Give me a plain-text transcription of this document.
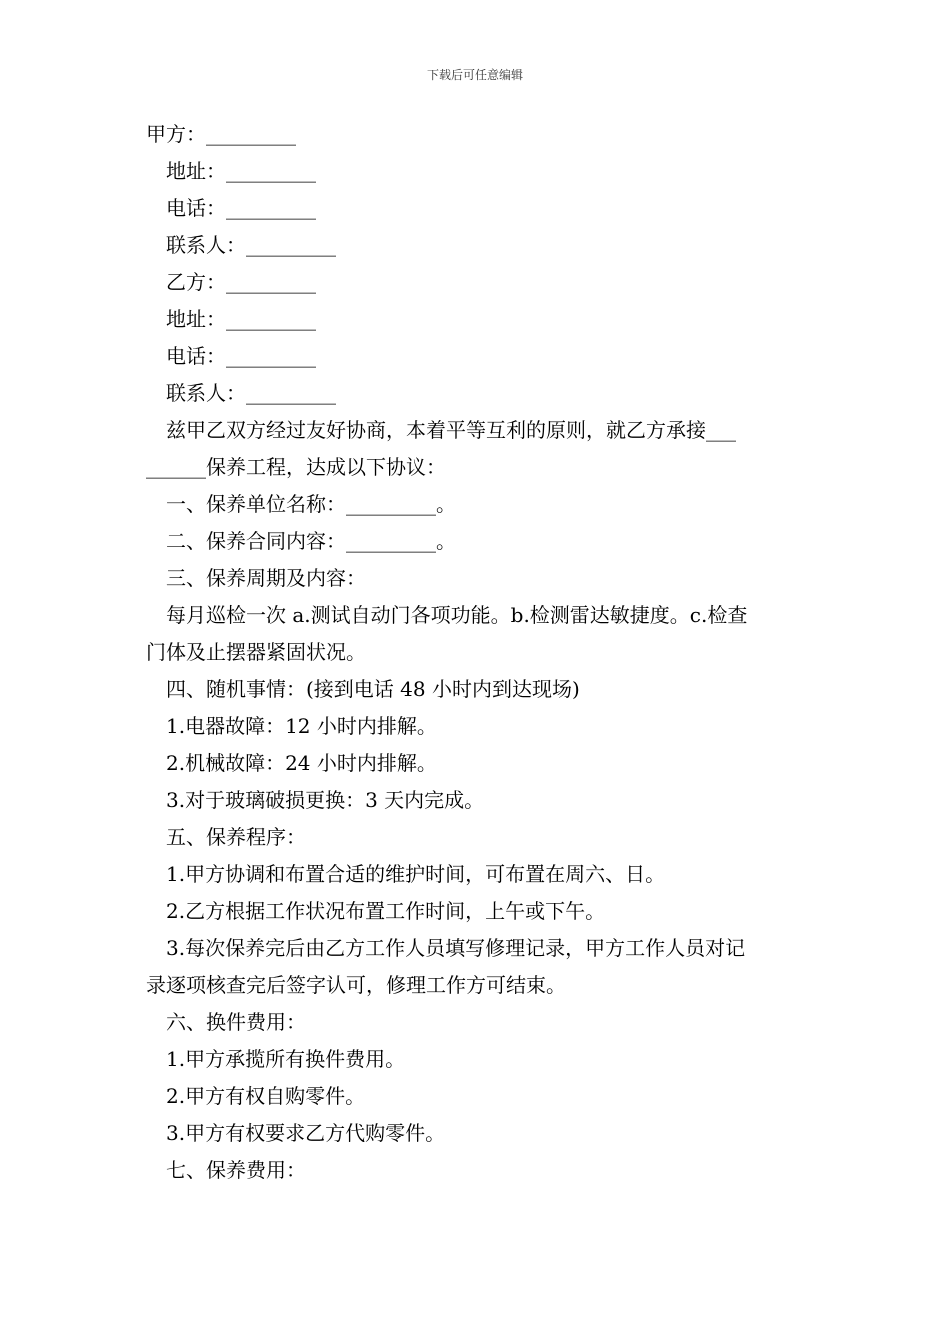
下载后可任意编辑

甲方：_________

地址：_________

电话：_________

联系人：_________

乙方：_________

地址：_________

电话：_________

联系人：_________

兹甲乙双方经过友好协商，本着平等互利的原则，就乙方承接___

______保养工程，达成以下协议：

一、保养单位名称：_________。

二、保养合同内容：_________。

三、保养周期及内容：

每月巡检一次 a.测试自动门各项功能。b.检测雷达敏捷度。c.检查

门体及止摆器紧固状况。

四、随机事情：(接到电话 48 小时内到达现场)

1.电器故障：12 小时内排解。

2.机械故障：24 小时内排解。

3.对于玻璃破损更换：3 天内完成。

五、保养程序：

1.甲方协调和布置合适的维护时间，可布置在周六、日。

2.乙方根据工作状况布置工作时间，上午或下午。

3.每次保养完后由乙方工作人员填写修理记录，甲方工作人员对记

录逐项核查完后签字认可，修理工作方可结束。

六、换件费用：

1.甲方承揽所有换件费用。

2.甲方有权自购零件。

3.甲方有权要求乙方代购零件。

七、保养费用：
